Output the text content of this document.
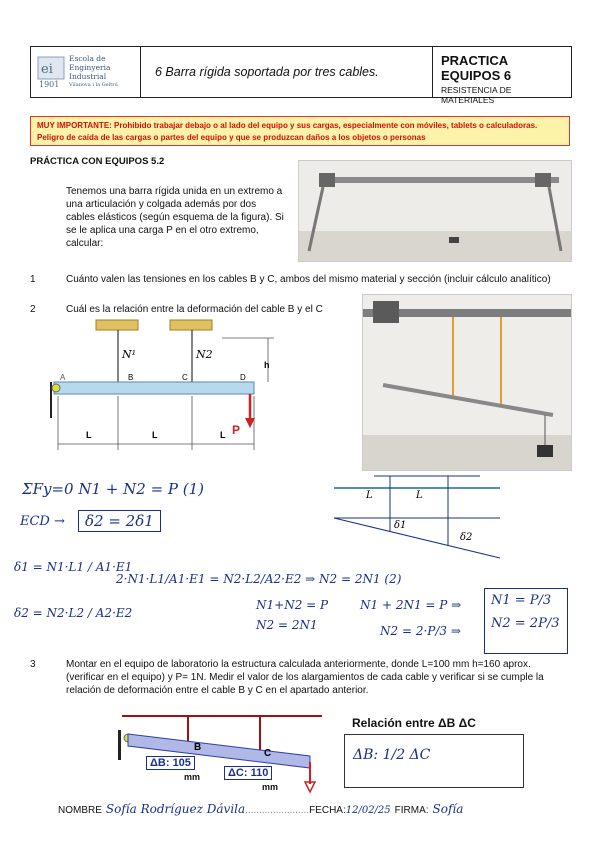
ei
1901
Escola de
Enginyeria
Industrial
Vilanova i la Geltrú
6 Barra rígida soportada por tres cables.
PRACTICA EQUIPOS 6
RESISTENCIA DE MATERIALES
MUY IMPORTANTE: Prohibido trabajar debajo o al lado del equipo y sus cargas, especialmente con móviles, tablets o calculadoras. Peligro de caída de las cargas o partes del equipo y que se produzcan daños a los objetos o personas
PRÁCTICA CON EQUIPOS 5.2
Tenemos una barra rígida unida en un extremo a una articulación y colgada además por dos cables elásticos (según esquema de la figura). Si se le aplica una carga P en el otro extremo, calcular:
1	Cuánto valen las tensiones en los cables B y C, ambos del mismo material y sección (incluir cálculo analítico)
2	Cuál es la relación entre la deformación del cable B y el C
A	B	C	D
N¹	N2
h
P
L	L	L
ΣFy=0 N1 + N2 = P (1)
ECD →	δ2 = 2δ1
δ1 = N1·L1 / A1·E1
δ2 = N2·L2 / A2·E2
2·N1·L1/A1·E1 = N2·L2/A2·E2 ⇒ N2 = 2N1 (2)
N1+N2 = P
N2 = 2N1
N1 + 2N1 = P ⇒
N2 = 2·P/3 ⇒
N1 = P/3
N2 = 2P/3
L	L
δ1
δ2
3	Montar en el equipo de laboratorio la estructura calculada anteriormente, donde L=100 mm h=160 aprox. (verificar en el equipo) y P= 1N. Medir el valor de los alargamientos de cada cable y verificar si se cumple la relación de deformación entre el cable B y C en el apartado anterior.
B
C
ΔB: 105
mm	ΔC: 110
mm
Relación entre ΔB ΔC
ΔB: 1/2 ΔC
NOMBRE Sofía Rodríguez Dávila.......................FECHA:12/02/25 FIRMA: Sofía
